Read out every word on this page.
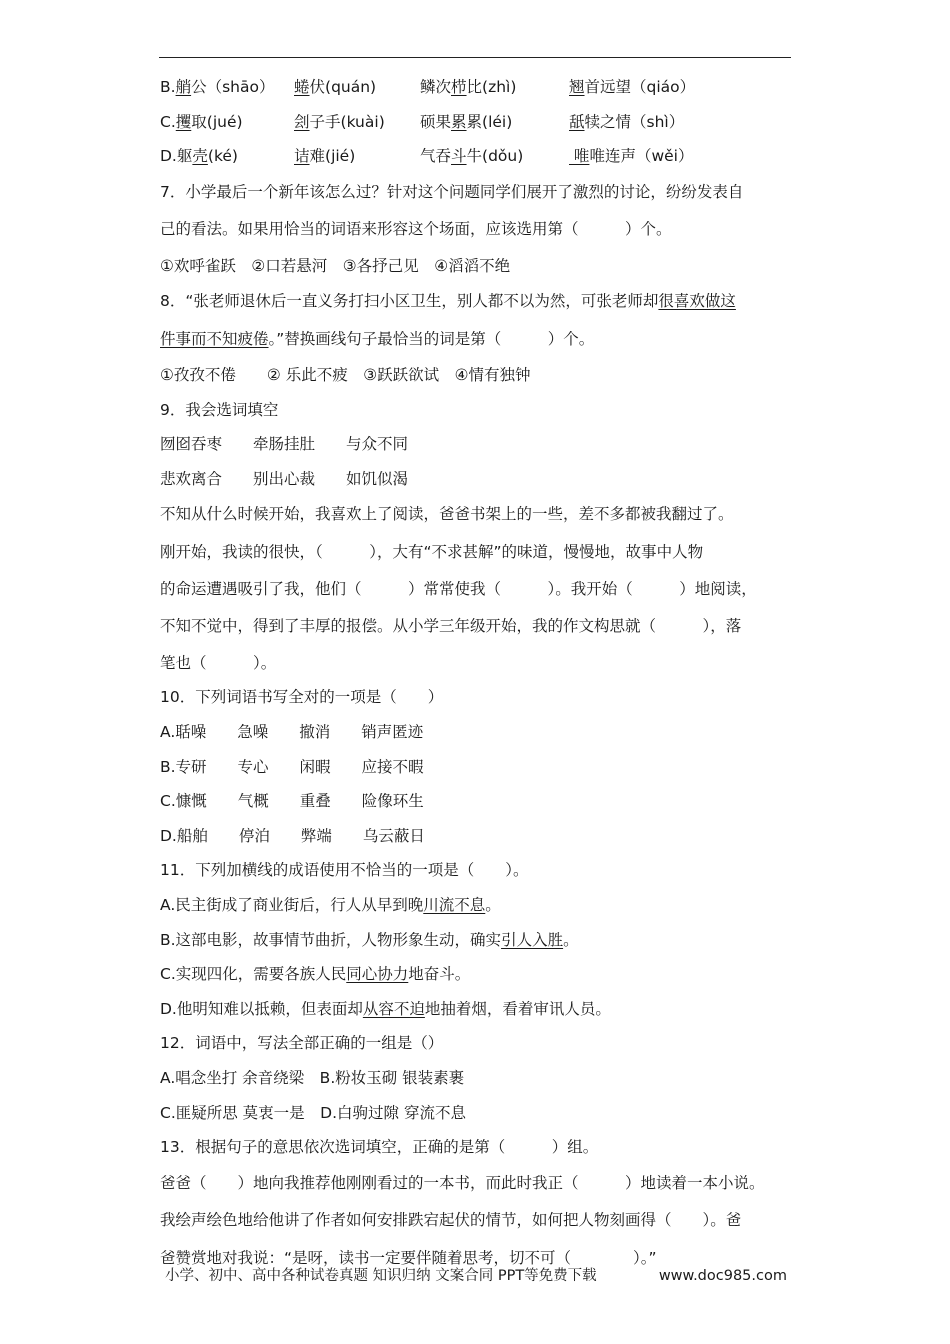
B.艄公（shāo） 蜷伏(quán)	鳞次栉比(zhì)	翘首远望（qiáo）
C.攫取(jué)	刽子手(kuài) 硕果累累(léi)	舐犊之情（shì）
D.躯壳(ké)	诘难(jié)	气吞斗牛(dǒu)	唯唯连声（wěi）
7．小学最后一个新年该怎么过？针对这个问题同学们展开了激烈的讨论，纷纷发表自
己的看法。如果用恰当的词语来形容这个场面，应该选用第（　　　）个。
①欢呼雀跃　②口若悬河　③各抒己见　④滔滔不绝
8．“张老师退休后一直义务打扫小区卫生，别人都不以为然，可张老师却很喜欢做这
件事而不知疲倦。”替换画线句子最恰当的词是第（　　　）个。
①孜孜不倦　　② 乐此不疲　③跃跃欲试　④情有独钟
9．我会选词填空
囫囵吞枣　　牵肠挂肚　　与众不同
悲欢离合　　别出心裁　　如饥似渴
不知从什么时候开始，我喜欢上了阅读，爸爸书架上的一些，差不多都被我翻过了。
刚开始，我读的很快，（　　　），大有“不求甚解”的味道，慢慢地，故事中人物
的命运遭遇吸引了我，他们（　　　）常常使我（　　　）。我开始（　　　）地阅读，
不知不觉中，得到了丰厚的报偿。从小学三年级开始，我的作文构思就（　　　），落
笔也（　　　）。
10．下列词语书写全对的一项是（　　）
A.聒噪　　急噪　　撤消　　销声匿迹
B.专研　　专心　　闲暇　　应接不暇
C.慷慨　　气概　　重叠　　险像环生
D.船舶　　停泊　　弊端　　乌云蔽日
11．下列加横线的成语使用不恰当的一项是（　　）。
A.民主街成了商业街后，行人从早到晚川流不息。
B.这部电影，故事情节曲折，人物形象生动，确实引人入胜。
C.实现四化，需要各族人民同心协力地奋斗。
D.他明知难以抵赖，但表面却从容不迫地抽着烟，看着审讯人员。
12．词语中，写法全部正确的一组是（）
A.唱念坐打 余音绕梁　B.粉妆玉砌 银装素裹
C.匪疑所思 莫衷一是　D.白驹过隙 穿流不息
13．根据句子的意思依次选词填空，正确的是第（　　　）组。
爸爸（　　）地向我推荐他刚刚看过的一本书，而此时我正（　　　）地读着一本小说。
我绘声绘色地给他讲了作者如何安排跌宕起伏的情节，如何把人物刻画得（　　）。爸
爸赞赏地对我说：“是呀，读书一定要伴随着思考，切不可（　　　　）。”
小学、初中、高中各种试卷真题 知识归纳 文案合同 PPT等免费下载	www.doc985.com
